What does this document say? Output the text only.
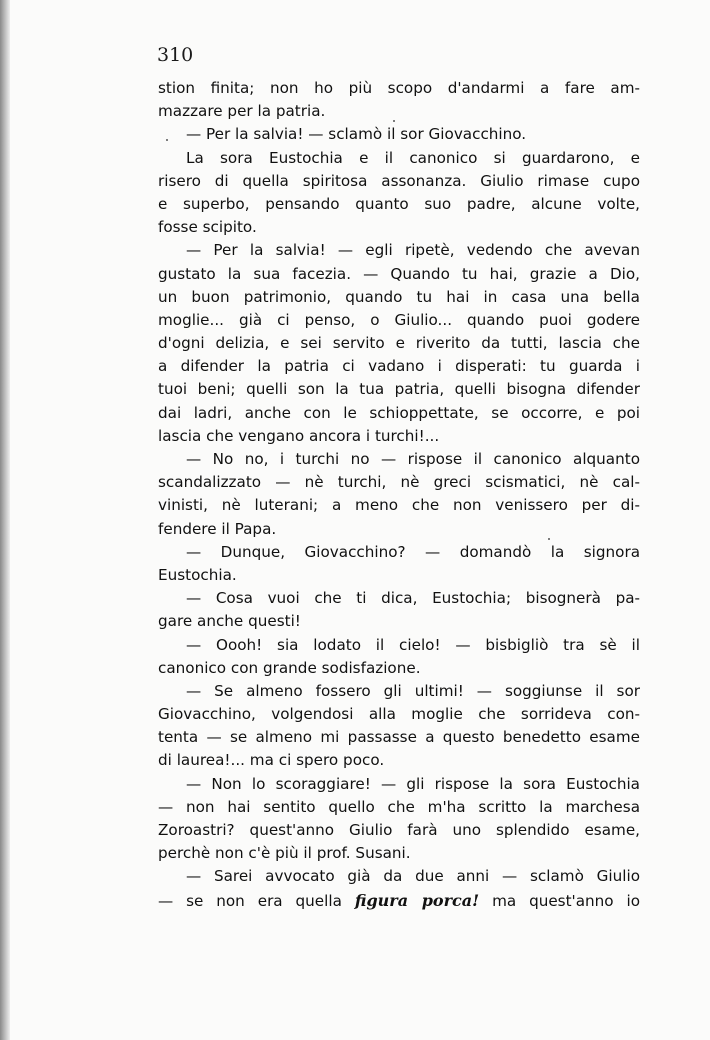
310
stion finita; non ho più scopo d'andarmi a fare am-
mazzare per la patria.
— Per la salvia! — sclamò il sor Giovacchino.
La sora Eustochia e il canonico si guardarono, e
risero di quella spiritosa assonanza. Giulio rimase cupo
e superbo, pensando quanto suo padre, alcune volte,
fosse scipito.
— Per la salvia! — egli ripetè, vedendo che avevan
gustato la sua facezia. — Quando tu hai, grazie a Dio,
un buon patrimonio, quando tu hai in casa una bella
moglie... già ci penso, o Giulio... quando puoi godere
d'ogni delizia, e sei servito e riverito da tutti, lascia che
a difender la patria ci vadano i disperati: tu guarda i
tuoi beni; quelli son la tua patria, quelli bisogna difender
dai ladri, anche con le schioppettate, se occorre, e poi
lascia che vengano ancora i turchi!...
— No no, i turchi no — rispose il canonico alquanto
scandalizzato — nè turchi, nè greci scismatici, nè cal-
vinisti, nè luterani; a meno che non venissero per di-
fendere il Papa.
— Dunque, Giovacchino? — domandò la signora
Eustochia.
— Cosa vuoi che ti dica, Eustochia; bisognerà pa-
gare anche questi!
— Oooh! sia lodato il cielo! — bisbigliò tra sè il
canonico con grande sodisfazione.
— Se almeno fossero gli ultimi! — soggiunse il sor
Giovacchino, volgendosi alla moglie che sorrideva con-
tenta — se almeno mi passasse a questo benedetto esame
di laurea!... ma ci spero poco.
— Non lo scoraggiare! — gli rispose la sora Eustochia
— non hai sentito quello che m'ha scritto la marchesa
Zoroastri? quest'anno Giulio farà uno splendido esame,
perchè non c'è più il prof. Susani.
— Sarei avvocato già da due anni — sclamò Giulio
— se non era quella figura porca! ma quest'anno io
